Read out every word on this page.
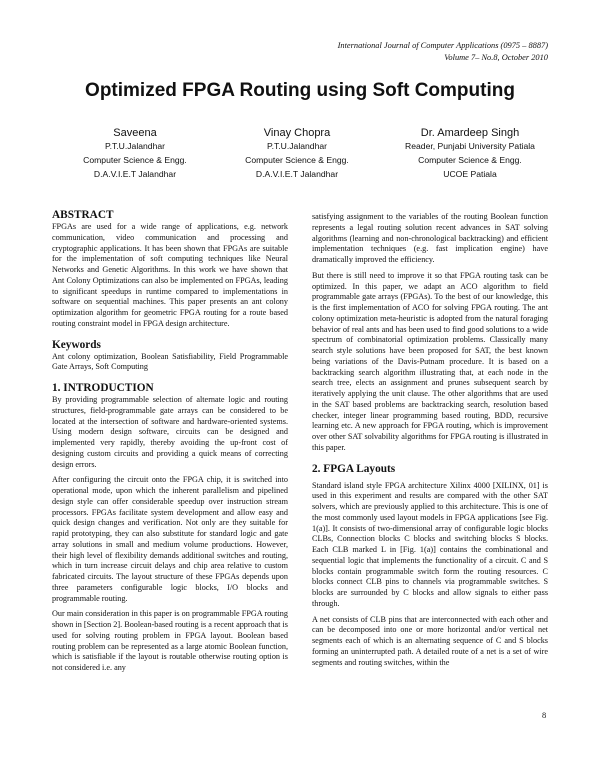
International Journal of Computer Applications (0975 – 8887)
Volume 7– No.8, October 2010
Optimized FPGA Routing using Soft Computing
Saveena
P.T.U.Jalandhar
Computer Science & Engg.
D.A.V.I.E.T Jalandhar
Vinay Chopra
P.T.U.Jalandhar
Computer Science & Engg.
D.A.V.I.E.T Jalandhar
Dr. Amardeep Singh
Reader, Punjabi University Patiala
Computer Science & Engg.
UCOE Patiala
ABSTRACT

FPGAs are used for a wide range of applications, e.g. network communication, video communication and processing and cryptographic applications. It has been shown that FPGAs are suitable for the implementation of soft computing techniques like Neural Networks and Genetic Algorithms. In this work we have shown that Ant Colony Optimizations can also be implemented on FPGAs, leading to significant speedups in runtime compared to implementations in software on sequential machines. This paper presents an ant colony optimization algorithm for geometric FPGA routing for a route based routing constraint model in FPGA design architecture.

Keywords

Ant colony optimization, Boolean Satisfiability, Field Programmable Gate Arrays, Soft Computing

1. INTRODUCTION

By providing programmable selection of alternate logic and routing structures, field-programmable gate arrays can be considered to be located at the intersection of software and hardware-oriented systems. Using modern design software, circuits can be designed and implemented very rapidly, thereby avoiding the up-front cost of designing custom circuits and providing a quick means of correcting design errors.

After configuring the circuit onto the FPGA chip, it is switched into operational mode, upon which the inherent parallelism and pipelined design style can offer considerable speedup over instruction stream processors. FPGAs facilitate system development and allow easy and quick design changes and verification. Not only are they suitable for rapid prototyping, they can also substitute for standard logic and gate array solutions in small and medium volume productions. However, their high level of flexibility demands additional switches and routing, which in turn increase circuit delays and chip area relative to custom fabricated circuits. The layout structure of these FPGAs depends upon three parameters configurable logic blocks, I/O blocks and programmable routing.

Our main consideration in this paper is on programmable FPGA routing shown in [Section 2]. Boolean-based routing is a recent approach that is used for solving routing problem in FPGA layout. Boolean based routing problem can be represented as a large atomic Boolean function, which is satisfiable if the layout is routable otherwise routing option is not considered i.e. any

satisfying assignment to the variables of the routing Boolean function represents a legal routing solution recent advances in SAT solving algorithms (learning and non-chronological backtracking) and efficient implementation techniques (e.g. fast implication engine) have dramatically improved the efficiency.

But there is still need to improve it so that FPGA routing task can be optimized. In this paper, we adapt an ACO algorithm to field programmable gate arrays (FPGAs). To the best of our knowledge, this is the first implementation of ACO for solving FPGA routing. The ant colony optimization meta-heuristic is adopted from the natural foraging behavior of real ants and has been used to find good solutions to a wide spectrum of combinatorial optimization problems. Classically many search style solutions have been proposed for SAT, the best known being variations of the Davis-Putnam procedure. It is based on a backtracking search algorithm illustrating that, at each node in the search tree, elects an assignment and prunes subsequent search by iteratively applying the unit clause. The other algorithms that are used in the SAT based problems are backtracking search, resolution based checker, integer linear programming based routing, BDD, recursive learning etc. A new approach for FPGA routing, which is improvement over other SAT solvability algorithms for FPGA routing is illustrated in this paper.

2. FPGA Layouts

Standard island style FPGA architecture Xilinx 4000 [XILINX, 01] is used in this experiment and results are compared with the other SAT solvers, which are previously applied to this architecture. This is one of the most commonly used layout models in FPGA applications [see Fig. 1(a)]. It consists of two-dimensional array of configurable logic blocks CLBs, Connection blocks C blocks and switching blocks S blocks. Each CLB marked L in [Fig. 1(a)] contains the combinational and sequential logic that implements the functionality of a circuit. C and S blocks contain programmable switch form the routing resources. C blocks connect CLB pins to channels via programmable switches. S blocks are surrounded by C blocks and allow signals to either pass through.

A net consists of CLB pins that are interconnected with each other and can be decomposed into one or more horizontal and/or vertical net segments each of which is an alternating sequence of C and S blocks forming an uninterrupted path. A detailed route of a net is a set of wire segments and routing switches, within the

8
